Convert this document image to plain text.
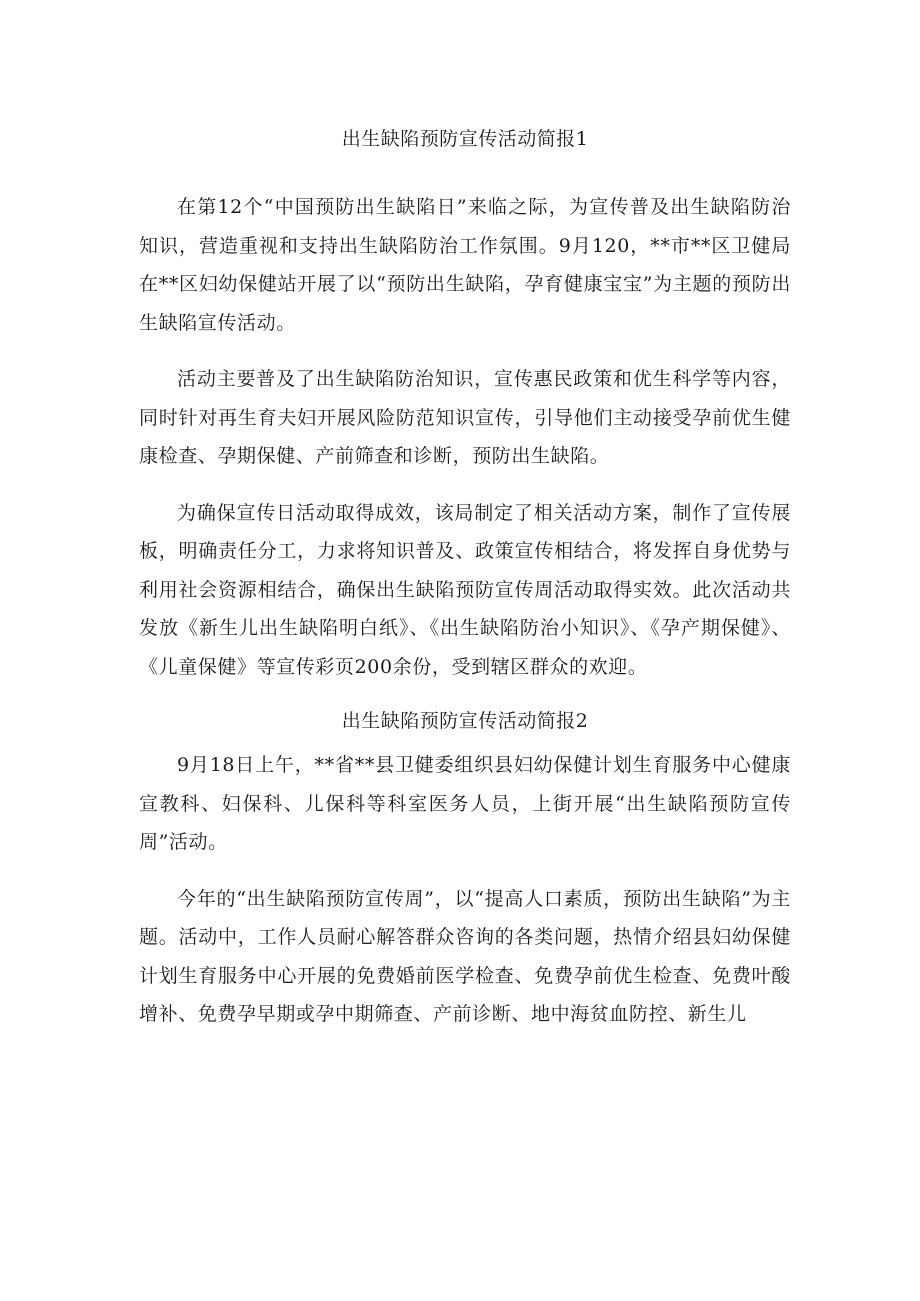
出生缺陷预防宣传活动简报1

在第12个“中国预防出生缺陷日”来临之际，为宣传普及出生缺陷防治知识，营造重视和支持出生缺陷防治工作氛围。9月120，**市**区卫健局在**区妇幼保健站开展了以“预防出生缺陷，孕育健康宝宝”为主题的预防出生缺陷宣传活动。

活动主要普及了出生缺陷防治知识，宣传惠民政策和优生科学等内容，同时针对再生育夫妇开展风险防范知识宣传，引导他们主动接受孕前优生健康检查、孕期保健、产前筛查和诊断，预防出生缺陷。

为确保宣传日活动取得成效，该局制定了相关活动方案，制作了宣传展板，明确责任分工，力求将知识普及、政策宣传相结合，将发挥自身优势与利用社会资源相结合，确保出生缺陷预防宣传周活动取得实效。此次活动共发放《新生儿出生缺陷明白纸》、《出生缺陷防治小知识》、《孕产期保健》、《儿童保健》等宣传彩页200余份，受到辖区群众的欢迎。

出生缺陷预防宣传活动简报2

9月18日上午，**省**县卫健委组织县妇幼保健计划生育服务中心健康宣教科、妇保科、儿保科等科室医务人员，上街开展“出生缺陷预防宣传周”活动。

今年的“出生缺陷预防宣传周”，以“提高人口素质，预防出生缺陷”为主题。活动中，工作人员耐心解答群众咨询的各类问题，热情介绍县妇幼保健计划生育服务中心开展的免费婚前医学检查、免费孕前优生检查、免费叶酸增补、免费孕早期或孕中期筛查、产前诊断、地中海贫血防控、新生儿
